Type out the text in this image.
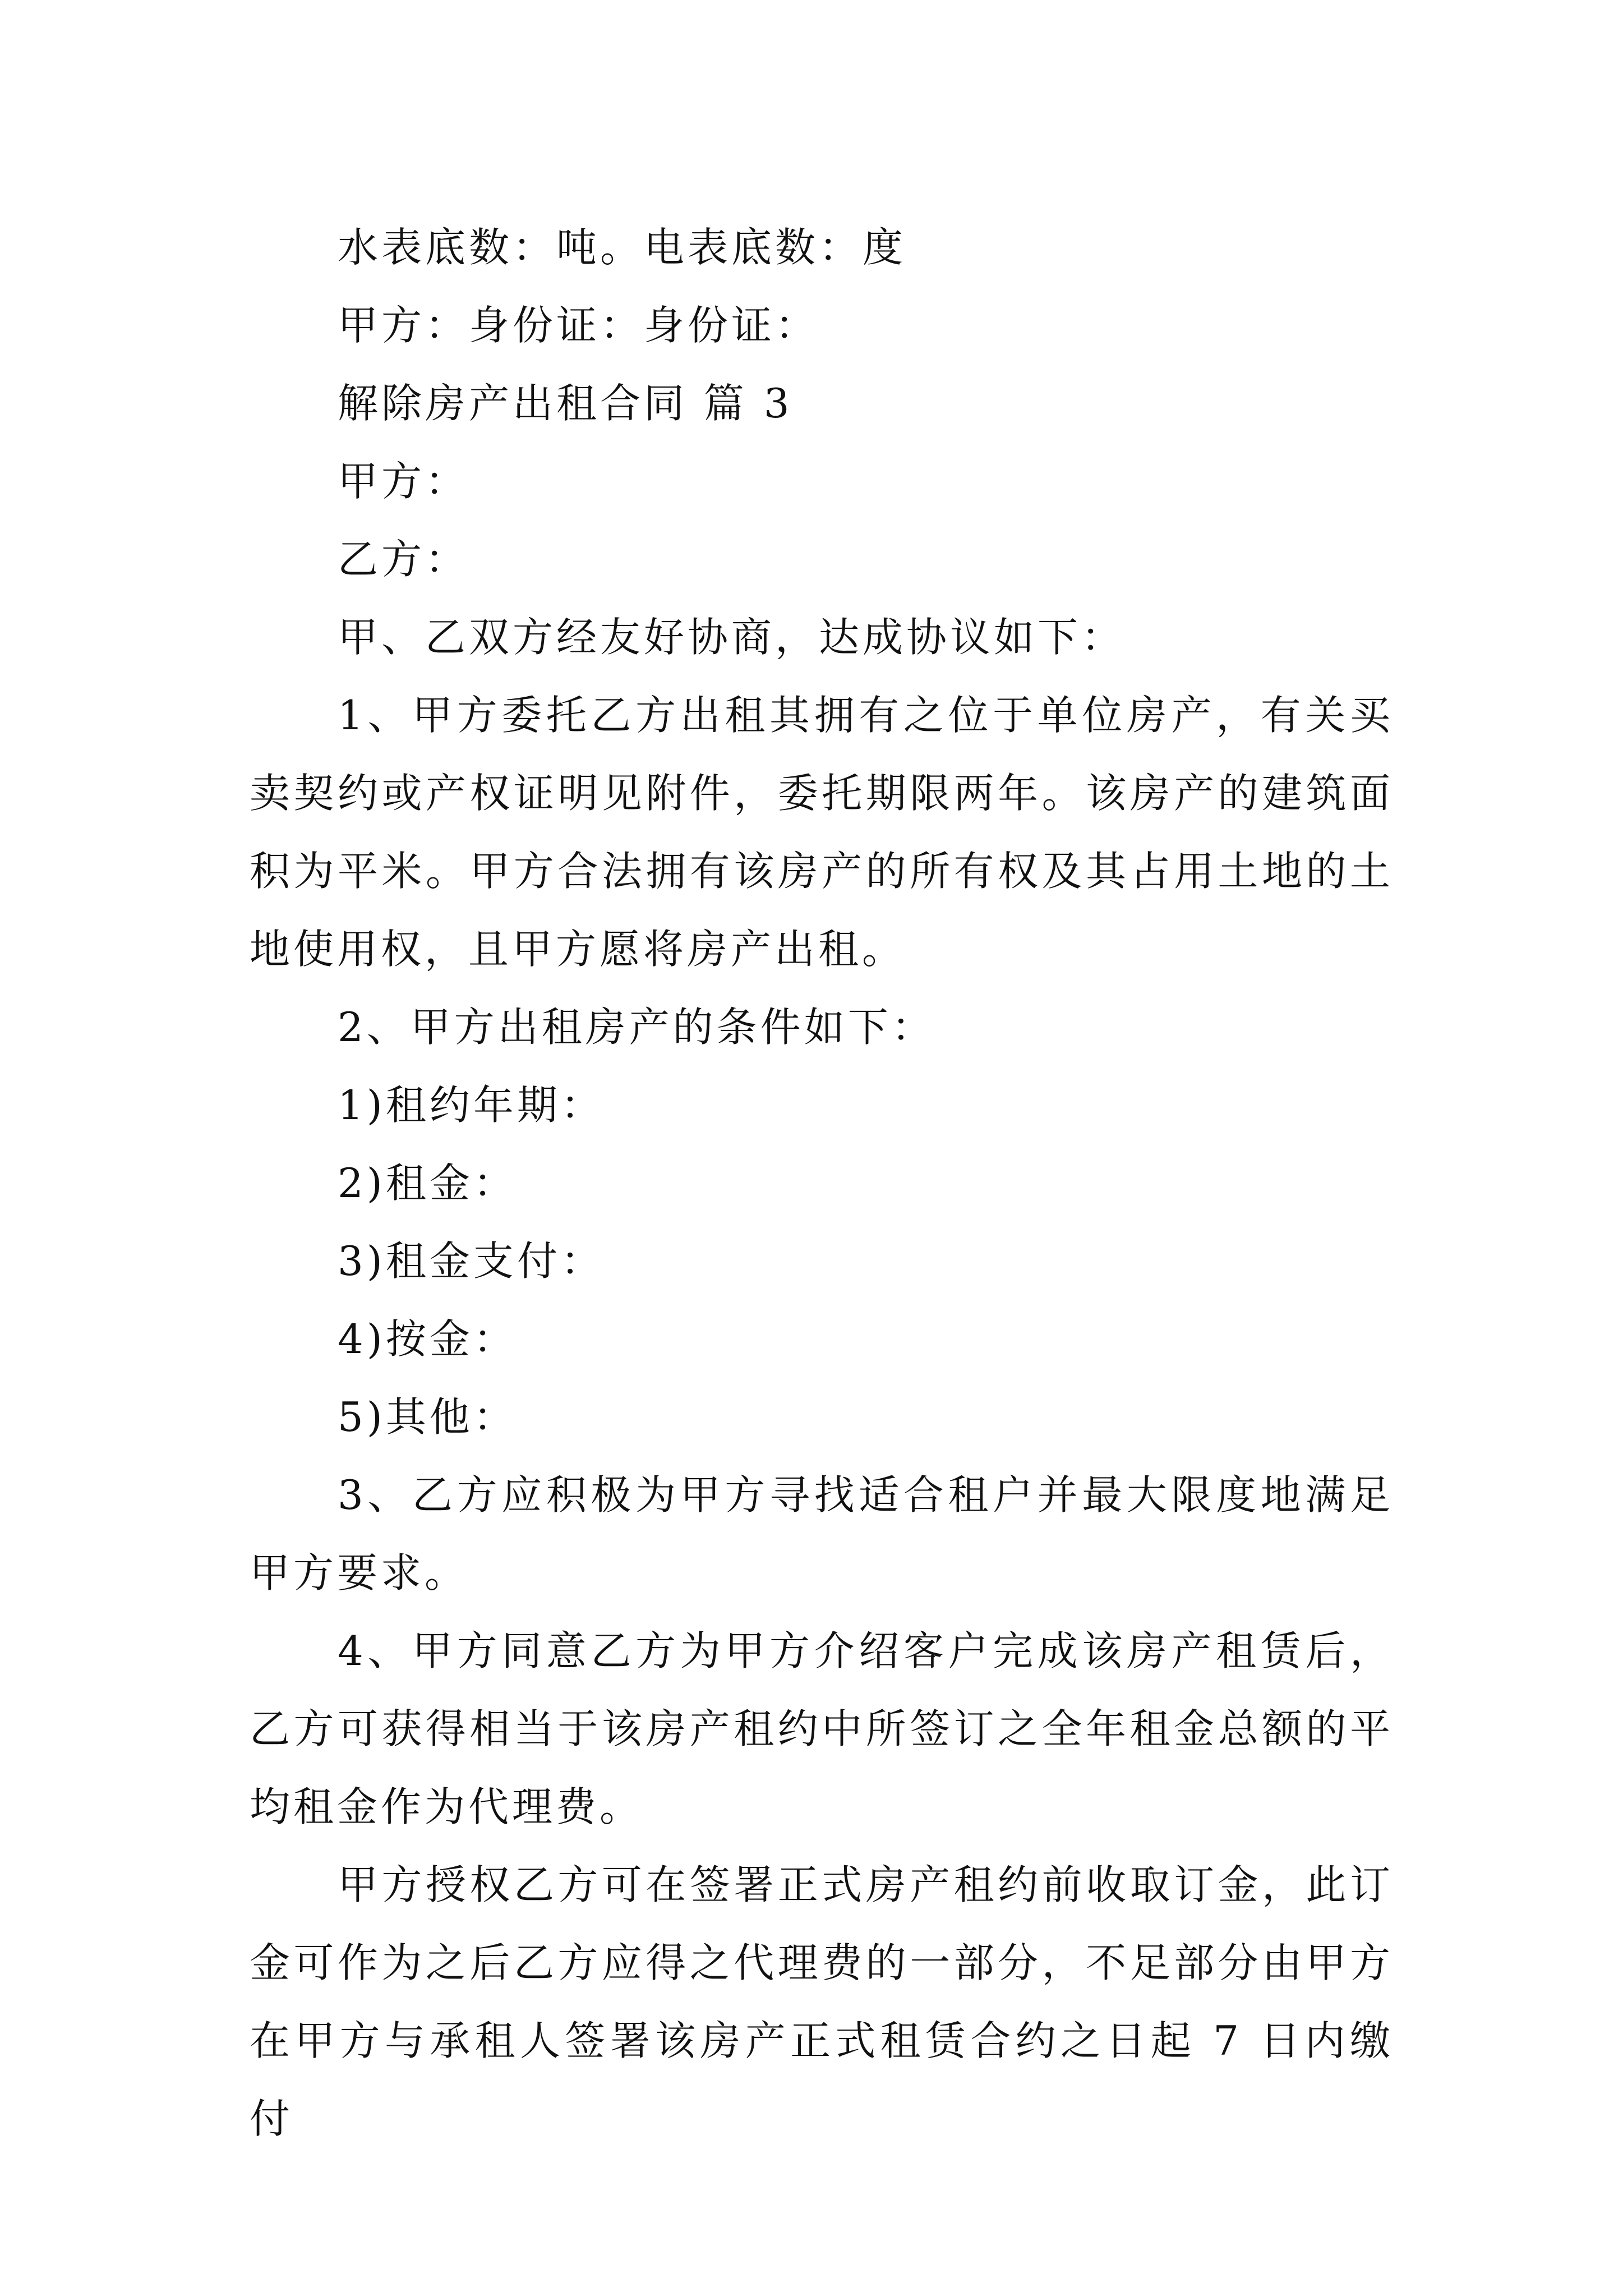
水表底数：吨。电表底数：度

甲方：身份证：身份证：

解除房产出租合同 篇 3

甲方：

乙方：

甲、乙双方经友好协商，达成协议如下：

1、甲方委托乙方出租其拥有之位于单位房产，有关买卖契约或产权证明见附件，委托期限两年。该房产的建筑面积为平米。甲方合法拥有该房产的所有权及其占用土地的土地使用权，且甲方愿将房产出租。

2、甲方出租房产的条件如下：

1)租约年期：

2)租金：

3)租金支付：

4)按金：

5)其他：

3、乙方应积极为甲方寻找适合租户并最大限度地满足甲方要求。

4、甲方同意乙方为甲方介绍客户完成该房产租赁后，乙方可获得相当于该房产租约中所签订之全年租金总额的平均租金作为代理费。

甲方授权乙方可在签署正式房产租约前收取订金，此订金可作为之后乙方应得之代理费的一部分，不足部分由甲方在甲方与承租人签署该房产正式租赁合约之日起 7 日内缴付
